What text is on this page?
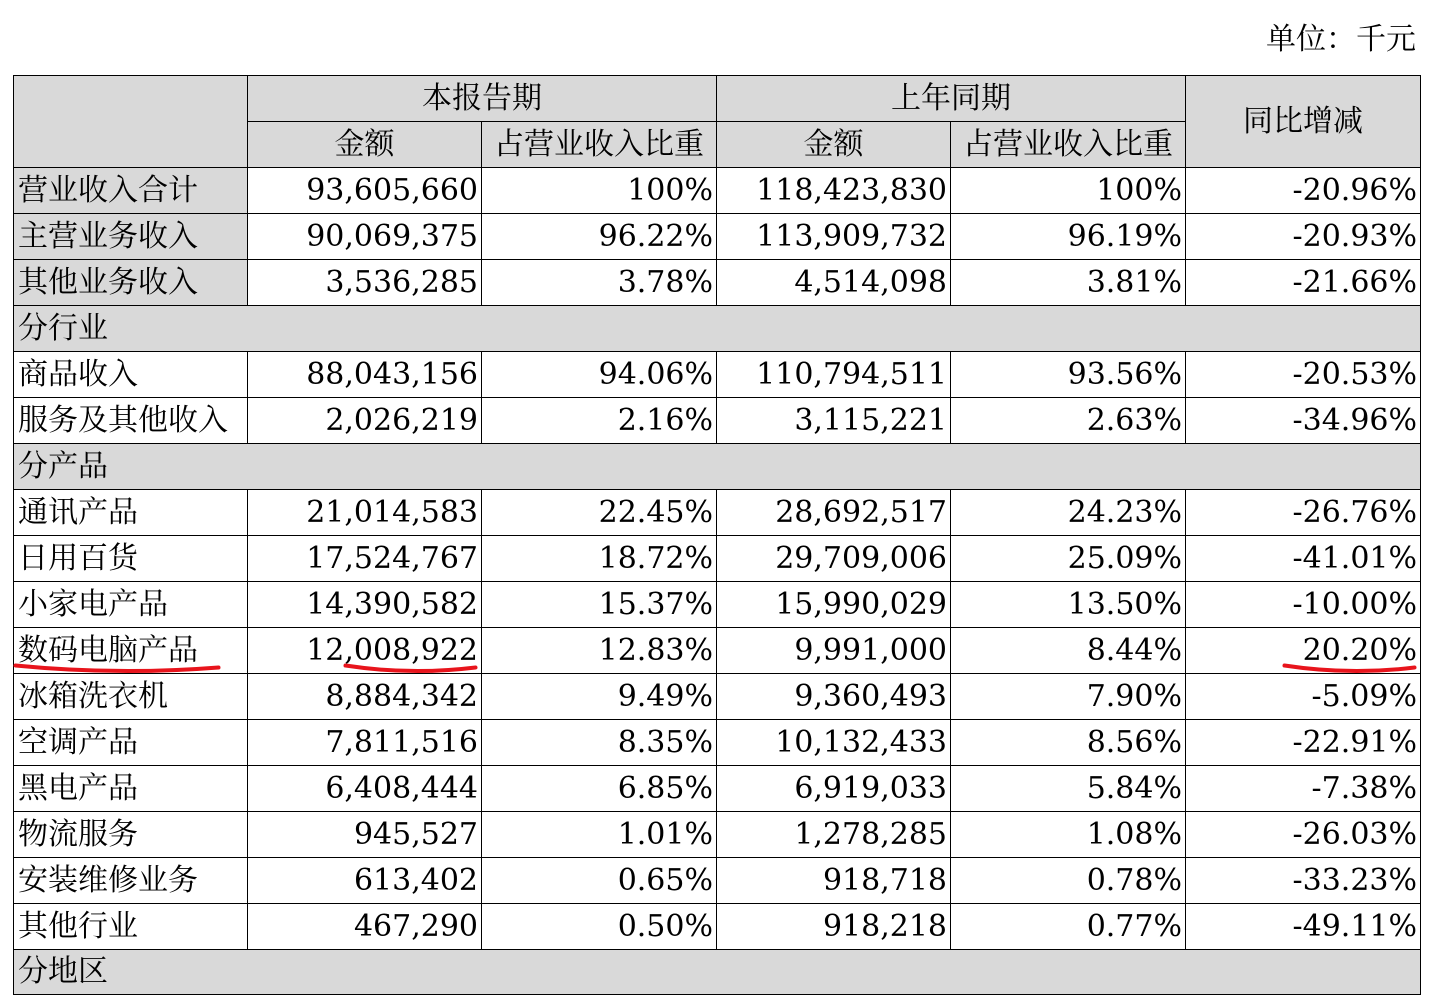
单位：千元
	本报告期		上年同期		同比增减
	金额	占营业收入比重	金额	占营业收入比重	
营业收入合计	93,605,660	100%	118,423,830	100%	-20.96%
主营业务收入	90,069,375	96.22%	113,909,732	96.19%	-20.93%
其他业务收入	3,536,285	3.78%	4,514,098	3.81%	-21.66%
分行业					
商品收入	88,043,156	94.06%	110,794,511	93.56%	-20.53%
服务及其他收入	2,026,219	2.16%	3,115,221	2.63%	-34.96%
分产品					
通讯产品	21,014,583	22.45%	28,692,517	24.23%	-26.76%
日用百货	17,524,767	18.72%	29,709,006	25.09%	-41.01%
小家电产品	14,390,582	15.37%	15,990,029	13.50%	-10.00%
数码电脑产品	12,008,922	12.83%	9,991,000	8.44%	20.20%
冰箱洗衣机	8,884,342	9.49%	9,360,493	7.90%	-5.09%
空调产品	7,811,516	8.35%	10,132,433	8.56%	-22.91%
黑电产品	6,408,444	6.85%	6,919,033	5.84%	-7.38%
物流服务	945,527	1.01%	1,278,285	1.08%	-26.03%
安装维修业务	613,402	0.65%	918,718	0.78%	-33.23%
其他行业	467,290	0.50%	918,218	0.77%	-49.11%
分地区					
